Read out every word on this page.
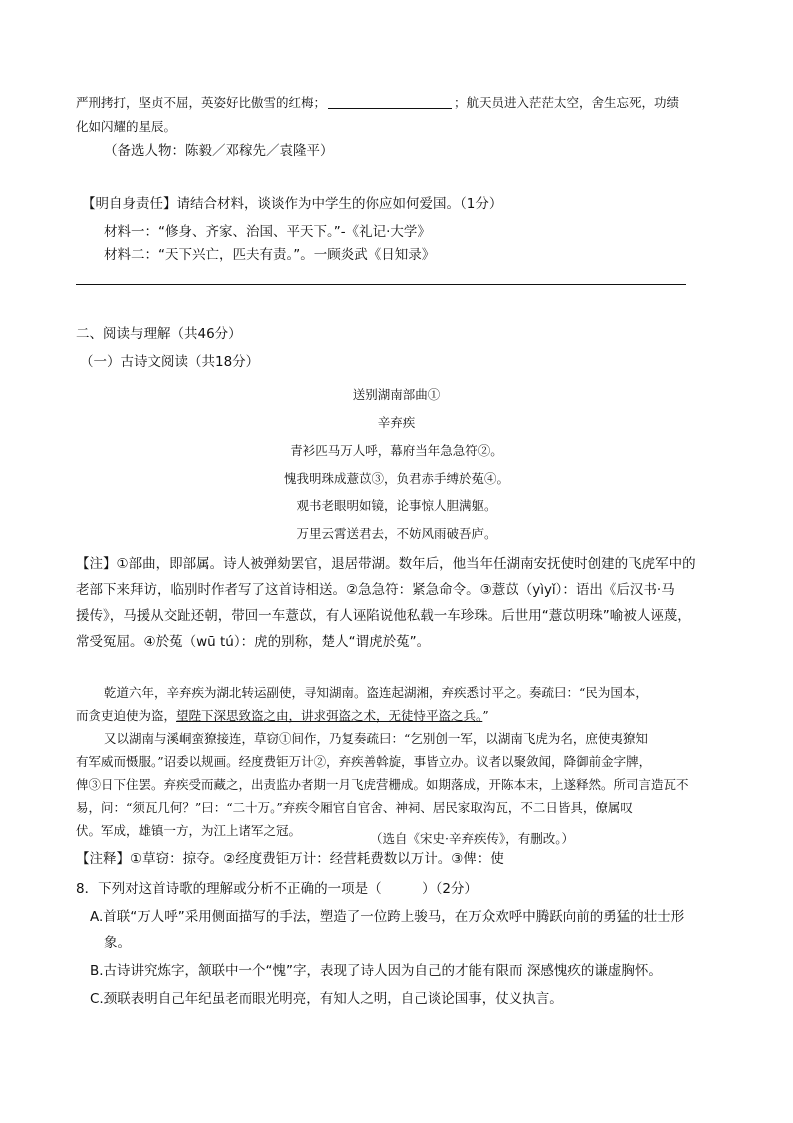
严刑拷打，坚贞不屈，英姿好比傲雪的红梅；	；航天员进入茫茫太空，舍生忘死，功绩
化如闪耀的星辰。
（备选人物：陈毅／邓稼先／袁隆平）
【明自身责任】请结合材料，谈谈作为中学生的你应如何爱国。（1分）
材料一：“修身、齐家、治国、平天下。”-《礼记·大学》
材料二：“天下兴亡，匹夫有责。”。一顾炎武《日知录》
二、阅读与理解（共46分）
（一）古诗文阅读（共18分）
送别湖南部曲①
辛弃疾
青衫匹马万人呼，幕府当年急急符②。
愧我明珠成薏苡③，负君赤手缚於菟④。
观书老眼明如镜，论事惊人胆满躯。
万里云霄送君去，不妨风雨破吾庐。
【注】①部曲，即部属。诗人被弹劾罢官，退居带湖。数年后，他当年任湖南安抚使时创建的飞虎军中的
老部下来拜访，临别时作者写了这首诗相送。②急急符：紧急命令。③薏苡（yìyǐ）：语出《后汉书·马
援传》，马援从交趾还朝，带回一车薏苡，有人诬陷说他私载一车珍珠。后世用“薏苡明珠”喻被人诬蔑，
常受冤屈。④於菟（wū tú）：虎的别称，楚人“谓虎於菟”。
乾道六年，辛弃疾为湖北转运副使，寻知湖南。盗连起湖湘，弃疾悉讨平之。奏疏曰：“民为国本，
而贪吏迫使为盗，望陛下深思致盗之由，讲求弭盗之术，无徒恃平盗之兵。”
又以湖南与溪峒蛮獠接连，草窃①间作，乃复奏疏曰：“乞别创一军，以湖南飞虎为名，庶使夷獠知
有军威而慑服。”诏委以规画。经度费钜万计②，弃疾善斡旋，事皆立办。议者以聚敛闻，降御前金字牌，
俾③日下住罢。弃疾受而藏之，出责监办者期一月飞虎营栅成。如期落成，开陈本末，上遂释然。所司言造瓦不
易，问：“须瓦几何？”曰：“二十万。”弃疾令厢官自官舍、神祠、居民家取沟瓦，不二日皆具，僚属叹
伏。军成，雄镇一方，为江上诸军之冠。
（选自《宋史·辛弃疾传》，有删改。）
【注释】①草窃：掠夺。②经度费钜万计：经营耗费数以万计。③俾：使
8．下列对这首诗歌的理解或分析不正确的一项是（　　　）（2分）
A.首联“万人呼”采用侧面描写的手法，塑造了一位跨上骏马，在万众欢呼中腾跃向前的勇猛的壮士形
象。
B.古诗讲究炼字，颔联中一个“愧”字，表现了诗人因为自己的才能有限而 深感愧疚的谦虚胸怀。
C.颈联表明自己年纪虽老而眼光明亮，有知人之明，自己谈论国事，仗义执言。
